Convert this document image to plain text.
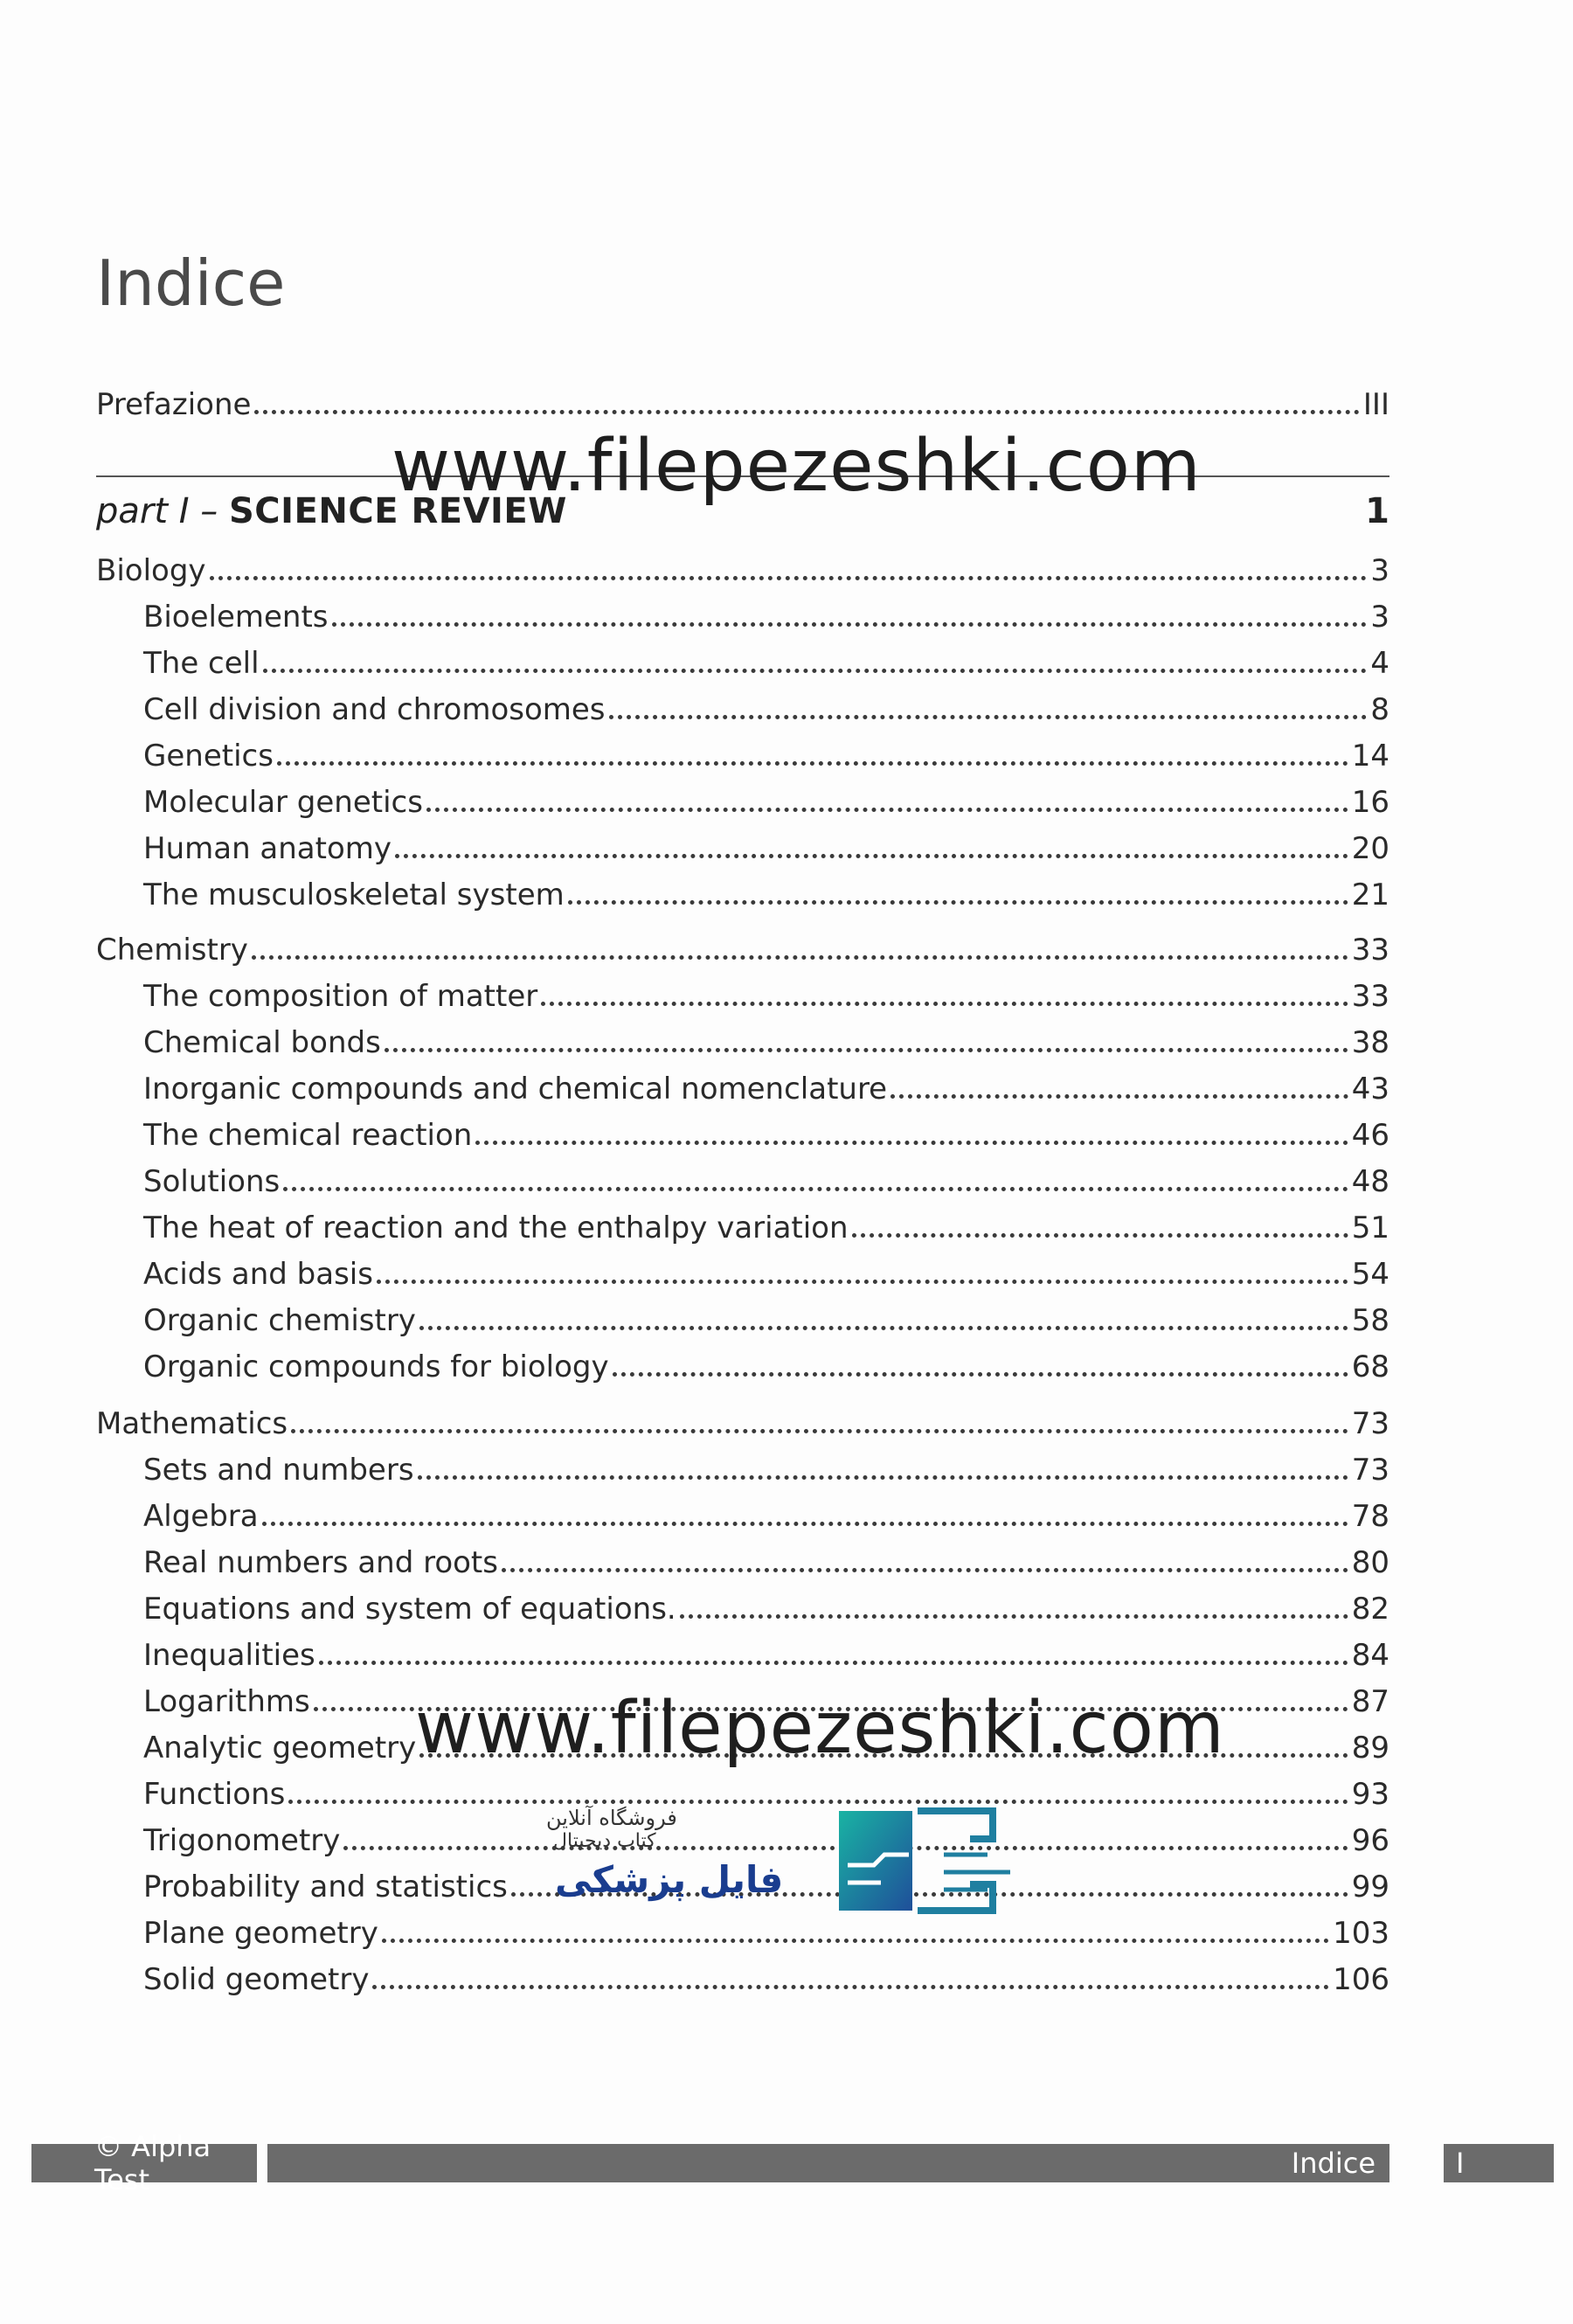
Indice
Prefazione	III
part I – SCIENCE REVIEW	1
Biology	3
Bioelements	3
The cell	4
Cell division and chromosomes	8
Genetics	14
Molecular genetics	16
Human anatomy	20
The musculoskeletal system	21
Chemistry	33
The composition of matter	33
Chemical bonds	38
Inorganic compounds and chemical nomenclature	43
The chemical reaction	46
Solutions	48
The heat of reaction and the enthalpy variation	51
Acids and basis	54
Organic chemistry	58
Organic compounds for biology	68
Mathematics	73
Sets and numbers	73
Algebra	78
Real numbers and roots	80
Equations and system of equations.	82
Inequalities	84
Logarithms	87
Analytic geometry	89
Functions	93
Trigonometry	96
Probability and statistics	99
Plane geometry	103
Solid geometry	106
www.filepezeshki.com
www.filepezeshki.com
فروشگاه آنلاین
کتاب دیجیتال
فایل پزشکی
© Alpha Test	Indice	I
